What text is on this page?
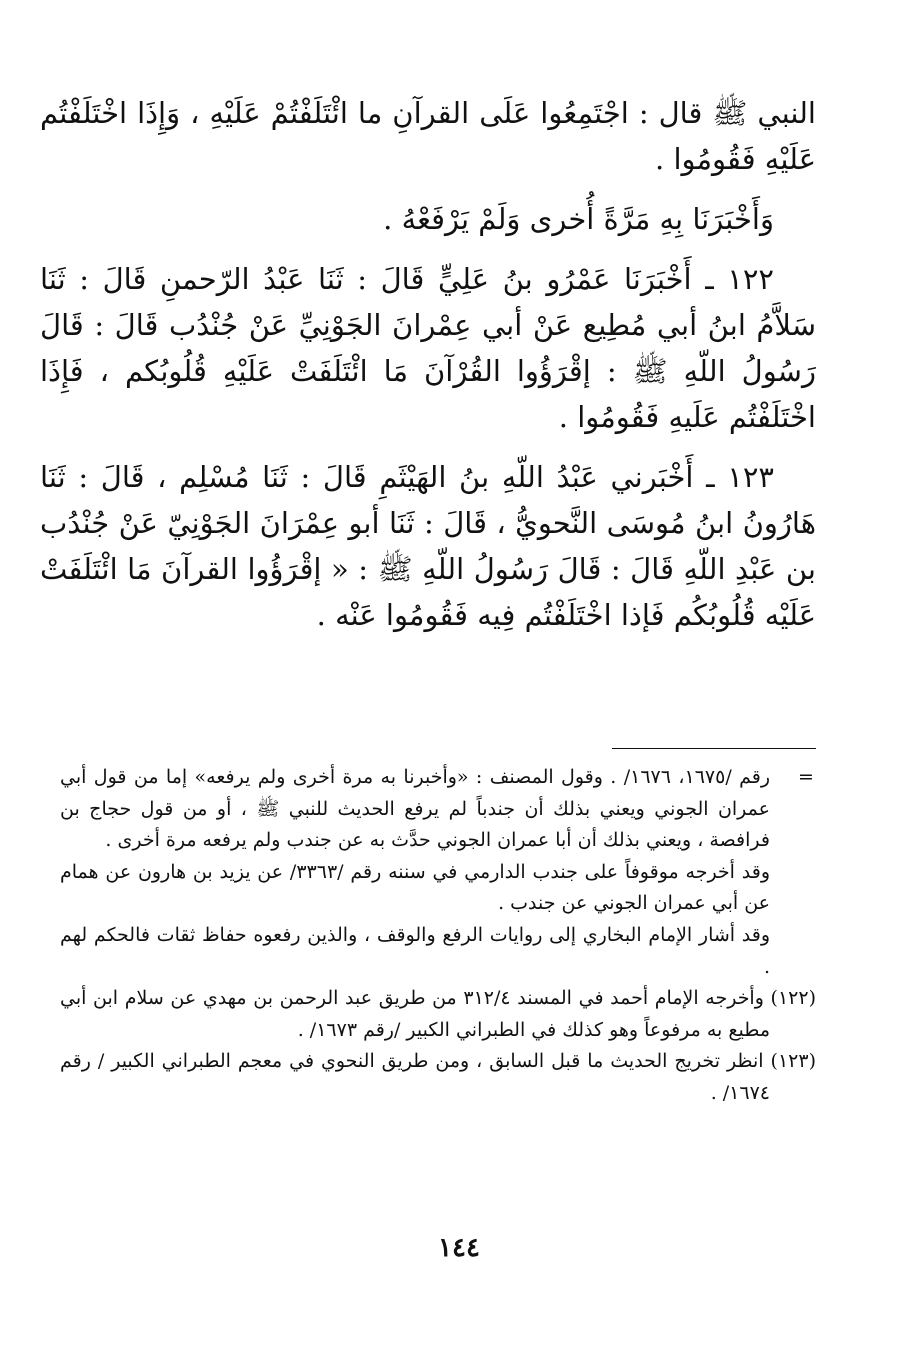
النبي ﷺ قال : اجْتَمِعُوا عَلَى القرآنِ ما ائْتَلَفْتُمْ عَلَيْهِ ، وَإِذَا اخْتَلَفْتُم عَلَيْهِ فَقُومُوا .

وَأَخْبَرَنَا بِهِ مَرَّةً أُخرى وَلَمْ يَرْفَعْهُ .

١٢٢ ـ أَخْبَرَنَا عَمْرُو بنُ عَلِيٍّ قَالَ : ثَنَا عَبْدُ الرّحمنِ قَالَ : ثَنَا سَلاَّمُ ابنُ أبي مُطِيع عَنْ أبي عِمْرانَ الجَوْنِيِّ عَنْ جُنْدُب قَالَ : قَالَ رَسُولُ اللّهِ ﷺ : إقْرَؤُوا القُرْآنَ مَا ائْتَلَفَتْ عَلَيْهِ قُلُوبُكم ، فَإِذَا اخْتَلَفْتُم عَلَيهِ فَقُومُوا .

١٢٣ ـ أَخْبَرني عَبْدُ اللّهِ بنُ الهَيْثَمِ قَالَ : ثَنَا مُسْلِم ، قَالَ : ثَنَا هَارُونُ ابنُ مُوسَى النَّحويُّ ، قَالَ : ثَنَا أبو عِمْرَانَ الجَوْنِيّ عَنْ جُنْدُب بن عَبْدِ اللّهِ قَالَ : قَالَ رَسُولُ اللّهِ ﷺ : « إقْرَؤُوا القرآنَ مَا ائْتَلَفَتْ عَلَيْه قُلُوبُكُم فَإذا اخْتَلَفْتُم فِيه فَقُومُوا عَنْه .

=
رقم /١٦٧٥، ١٦٧٦/ . وقول المصنف : «وأخبرنا به مرة أخرى ولم يرفعه» إما من قول أبي عمران الجوني ويعني بذلك أن جندباً لم يرفع الحديث للنبي ﷺ ، أو من قول حجاج بن فرافصة ، ويعني بذلك أن أبا عمران الجوني حدَّث به عن جندب ولم يرفعه مرة أخرى .

وقد أخرجه موقوفاً على جندب الدارمي في سننه رقم /٣٣٦٣/ عن يزيد بن هارون عن همام عن أبي عمران الجوني عن جندب .

وقد أشار الإمام البخاري إلى روايات الرفع والوقف ، والذين رفعوه حفاظ ثقات فالحكم لهم .

(١٢٢) وأخرجه الإمام أحمد في المسند ٣١٢/٤ من طريق عبد الرحمن بن مهدي عن سلام ابن أبي مطيع به مرفوعاً وهو كذلك في الطبراني الكبير /رقم ١٦٧٣/ .

(١٢٣) انظر تخريج الحديث ما قبل السابق ، ومن طريق النحوي في معجم الطبراني الكبير / رقم ١٦٧٤/ .

١٤٤
